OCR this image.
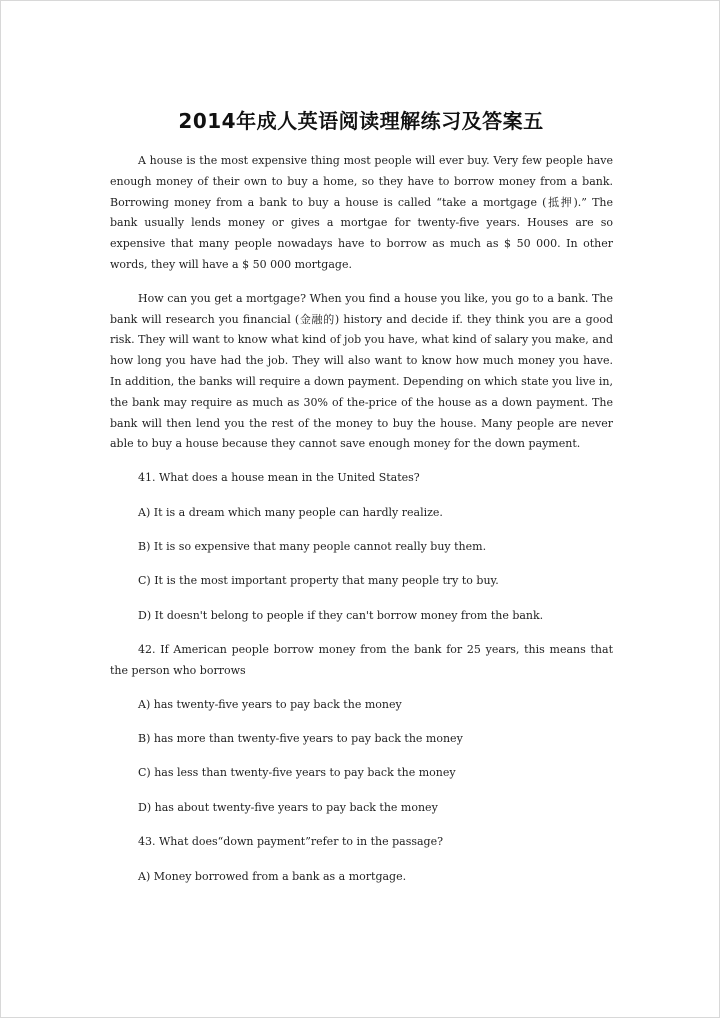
2014年成人英语阅读理解练习及答案五

A house is the most expensive thing most people will ever buy. Very few people have enough money of their own to buy a home, so they have to borrow money from a bank. Borrowing money from a bank to buy a house is called “take a mortgage (抵押).” The bank usually lends money or gives a mortgae for twenty-five years. Houses are so expensive that many people nowadays have to borrow as much as $ 50 000. In other words, they will have a $ 50 000 mortgage.

How can you get a mortgage? When you find a house you like, you go to a bank. The bank will research you financial (金融的) history and decide if. they think you are a good risk. They will want to know what kind of job you have, what kind of salary you make, and how long you have had the job. They will also want to know how much money you have. In addition, the banks will require a down payment. Depending on which state you live in, the bank may require as much as 30% of the-price of the house as a down payment. The bank will then lend you the rest of the money to buy the house. Many people are never able to buy a house because they cannot save enough money for the down payment.

41. What does a house mean in the United States?

A) It is a dream which many people can hardly realize.

B) It is so expensive that many people cannot really buy them.

C) It is the most important property that many people try to buy.

D) It doesn't belong to people if they can't borrow money from the bank.

42. If American people borrow money from the bank for 25 years, this means that the person who borrows

A) has twenty-five years to pay back the money

B) has more than twenty-five years to pay back the money

C) has less than twenty-five years to pay back the money

D) has about twenty-five years to pay back the money

43. What does“down payment”refer to in the passage?

A) Money borrowed from a bank as a mortgage.
